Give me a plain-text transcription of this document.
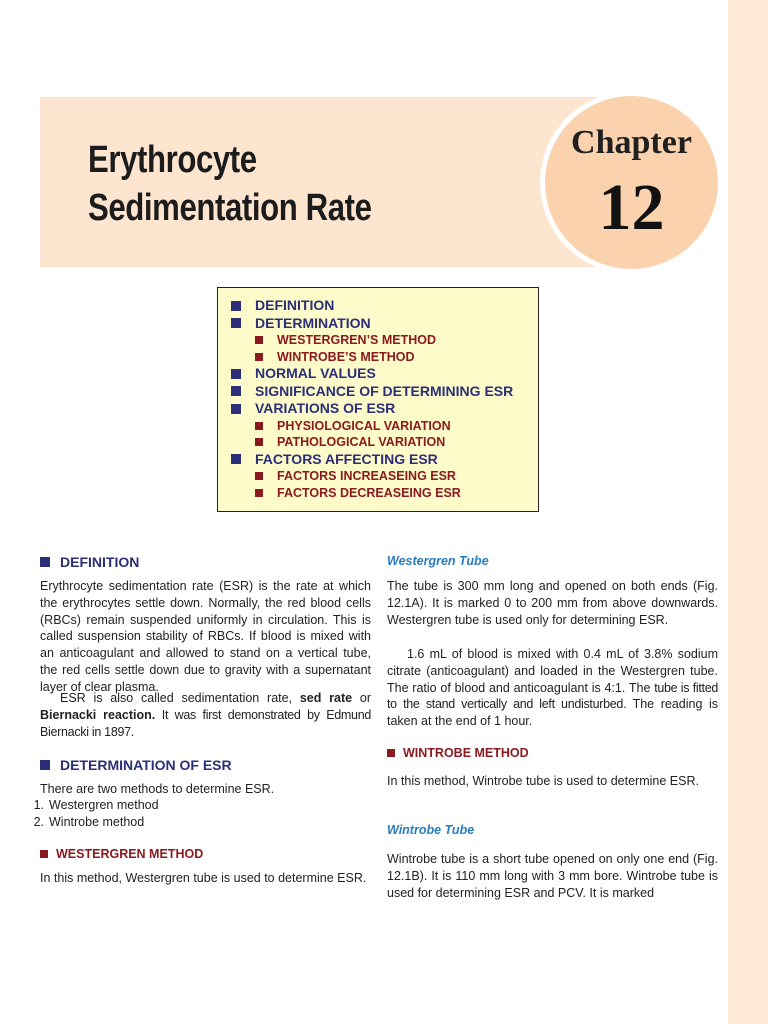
Erythrocyte
Sedimentation Rate
Chapter
12
DEFINITION
DETERMINATION
WESTERGREN’S METHOD
WINTROBE’S METHOD
NORMAL VALUES
SIGNIFICANCE OF DETERMINING ESR
VARIATIONS OF ESR
PHYSIOLOGICAL VARIATION
PATHOLOGICAL VARIATION
FACTORS AFFECTING ESR
FACTORS INCREASEING ESR
FACTORS DECREASEING ESR
DEFINITION

Erythrocyte sedimentation rate (ESR) is the rate at which the erythrocytes settle down. Normally, the red blood cells (RBCs) remain suspended uniformly in circulation. This is called suspension stability of RBCs. If blood is mixed with an anticoagulant and allowed to stand on a vertical tube, the red cells settle down due to gravity with a supernatant layer of clear plasma.

ESR is also called sedimentation rate, sed rate or Biernacki reaction. It was first demonstrated by Edmund Biernacki in 1897.

DETERMINATION OF ESR

There are two methods to determine ESR.

1. Westergren method
2. Wintrobe method
WESTERGREN METHOD

In this method, Westergren tube is used to determine ESR.

Westergren Tube

The tube is 300 mm long and opened on both ends (Fig. 12.1A). It is marked 0 to 200 mm from above downwards. Westergren tube is used only for determining ESR.

1.6 mL of blood is mixed with 0.4 mL of 3.8% sodium citrate (anticoagulant) and loaded in the Westergren tube. The ratio of blood and anticoagulant is 4:1. The tube is fitted to the stand vertically and left undisturbed. The reading is taken at the end of 1 hour.

WINTROBE METHOD

In this method, Wintrobe tube is used to determine ESR.

Wintrobe Tube

Wintrobe tube is a short tube opened on only one end (Fig. 12.1B). It is 110 mm long with 3 mm bore. Wintrobe tube is used for determining ESR and PCV. It is marked
